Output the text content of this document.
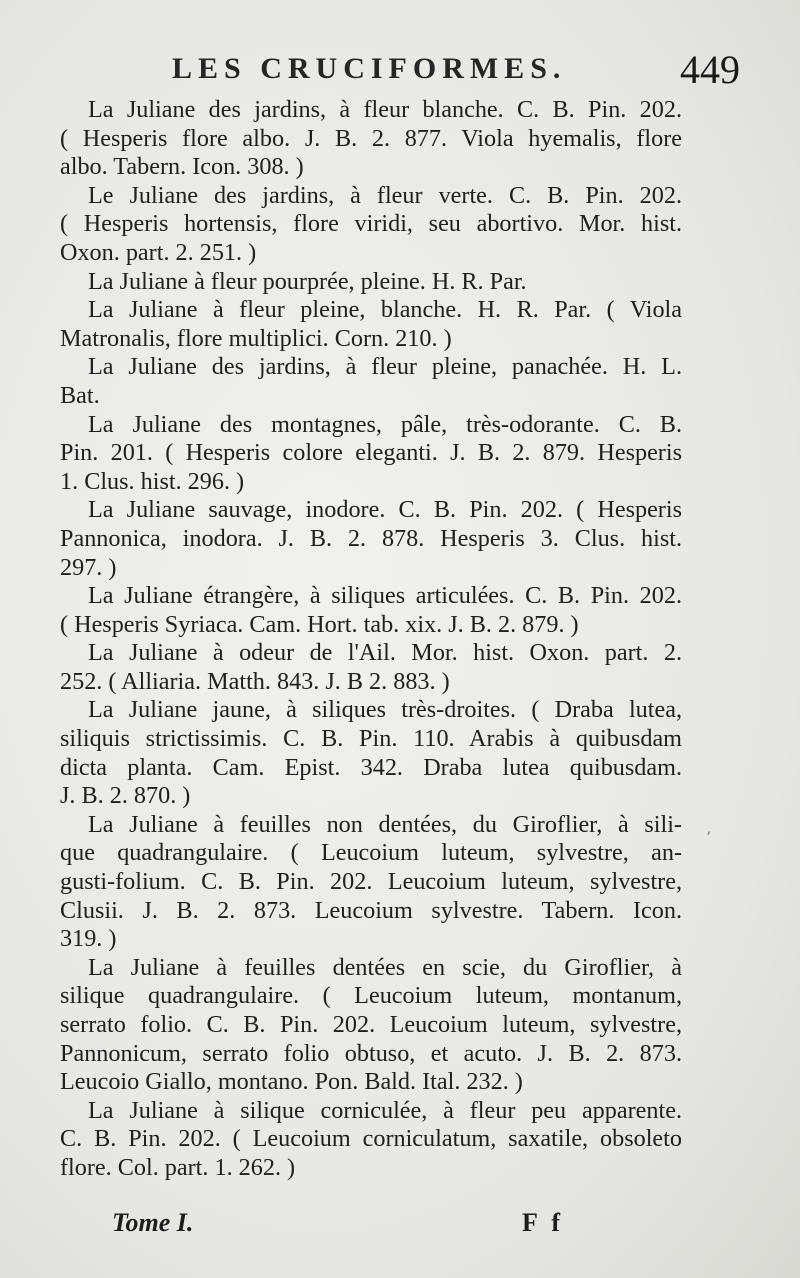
LES CRUCIFORMES.	449
La Juliane des jardins, à fleur blanche. C. B. Pin. 202.
( Hesperis flore albo. J. B. 2. 877. Viola hyemalis, flore
albo. Tabern. Icon. 308. )
Le Juliane des jardins, à fleur verte. C. B. Pin. 202.
( Hesperis hortensis, flore viridi, seu abortivo. Mor. hist.
Oxon. part. 2. 251. )
La Juliane à fleur pourprée, pleine. H. R. Par.
La Juliane à fleur pleine, blanche. H. R. Par. ( Viola
Matronalis, flore multiplici. Corn. 210. )
La Juliane des jardins, à fleur pleine, panachée. H. L.
Bat.
La Juliane des montagnes, pâle, très-odorante. C. B.
Pin. 201. ( Hesperis colore eleganti. J. B. 2. 879. Hesperis
1. Clus. hist. 296. )
La Juliane sauvage, inodore. C. B. Pin. 202. ( Hesperis
Pannonica, inodora. J. B. 2. 878. Hesperis 3. Clus. hist.
297. )
La Juliane étrangère, à siliques articulées. C. B. Pin. 202.
( Hesperis Syriaca. Cam. Hort. tab. xix. J. B. 2. 879. )
La Juliane à odeur de l'Ail. Mor. hist. Oxon. part. 2.
252. ( Alliaria. Matth. 843. J. B 2. 883. )
La Juliane jaune, à siliques très-droites. ( Draba lutea,
siliquis strictissimis. C. B. Pin. 110. Arabis à quibusdam
dicta planta. Cam. Epist. 342. Draba lutea quibusdam.
J. B. 2. 870. )
La Juliane à feuilles non dentées, du Giroflier, à sili-
que quadrangulaire. ( Leucoium luteum, sylvestre, an-
gusti-folium. C. B. Pin. 202. Leucoium luteum, sylvestre,
Clusii. J. B. 2. 873. Leucoium sylvestre. Tabern. Icon.
319. )
La Juliane à feuilles dentées en scie, du Giroflier, à
silique quadrangulaire. ( Leucoium luteum, montanum,
serrato folio. C. B. Pin. 202. Leucoium luteum, sylvestre,
Pannonicum, serrato folio obtuso, et acuto. J. B. 2. 873.
Leucoio Giallo, montano. Pon. Bald. Ital. 232. )
La Juliane à silique corniculée, à fleur peu apparente.
C. B. Pin. 202. ( Leucoium corniculatum, saxatile, obsoleto
flore. Col. part. 1. 262. )
ʼ
Tome I.	F f
